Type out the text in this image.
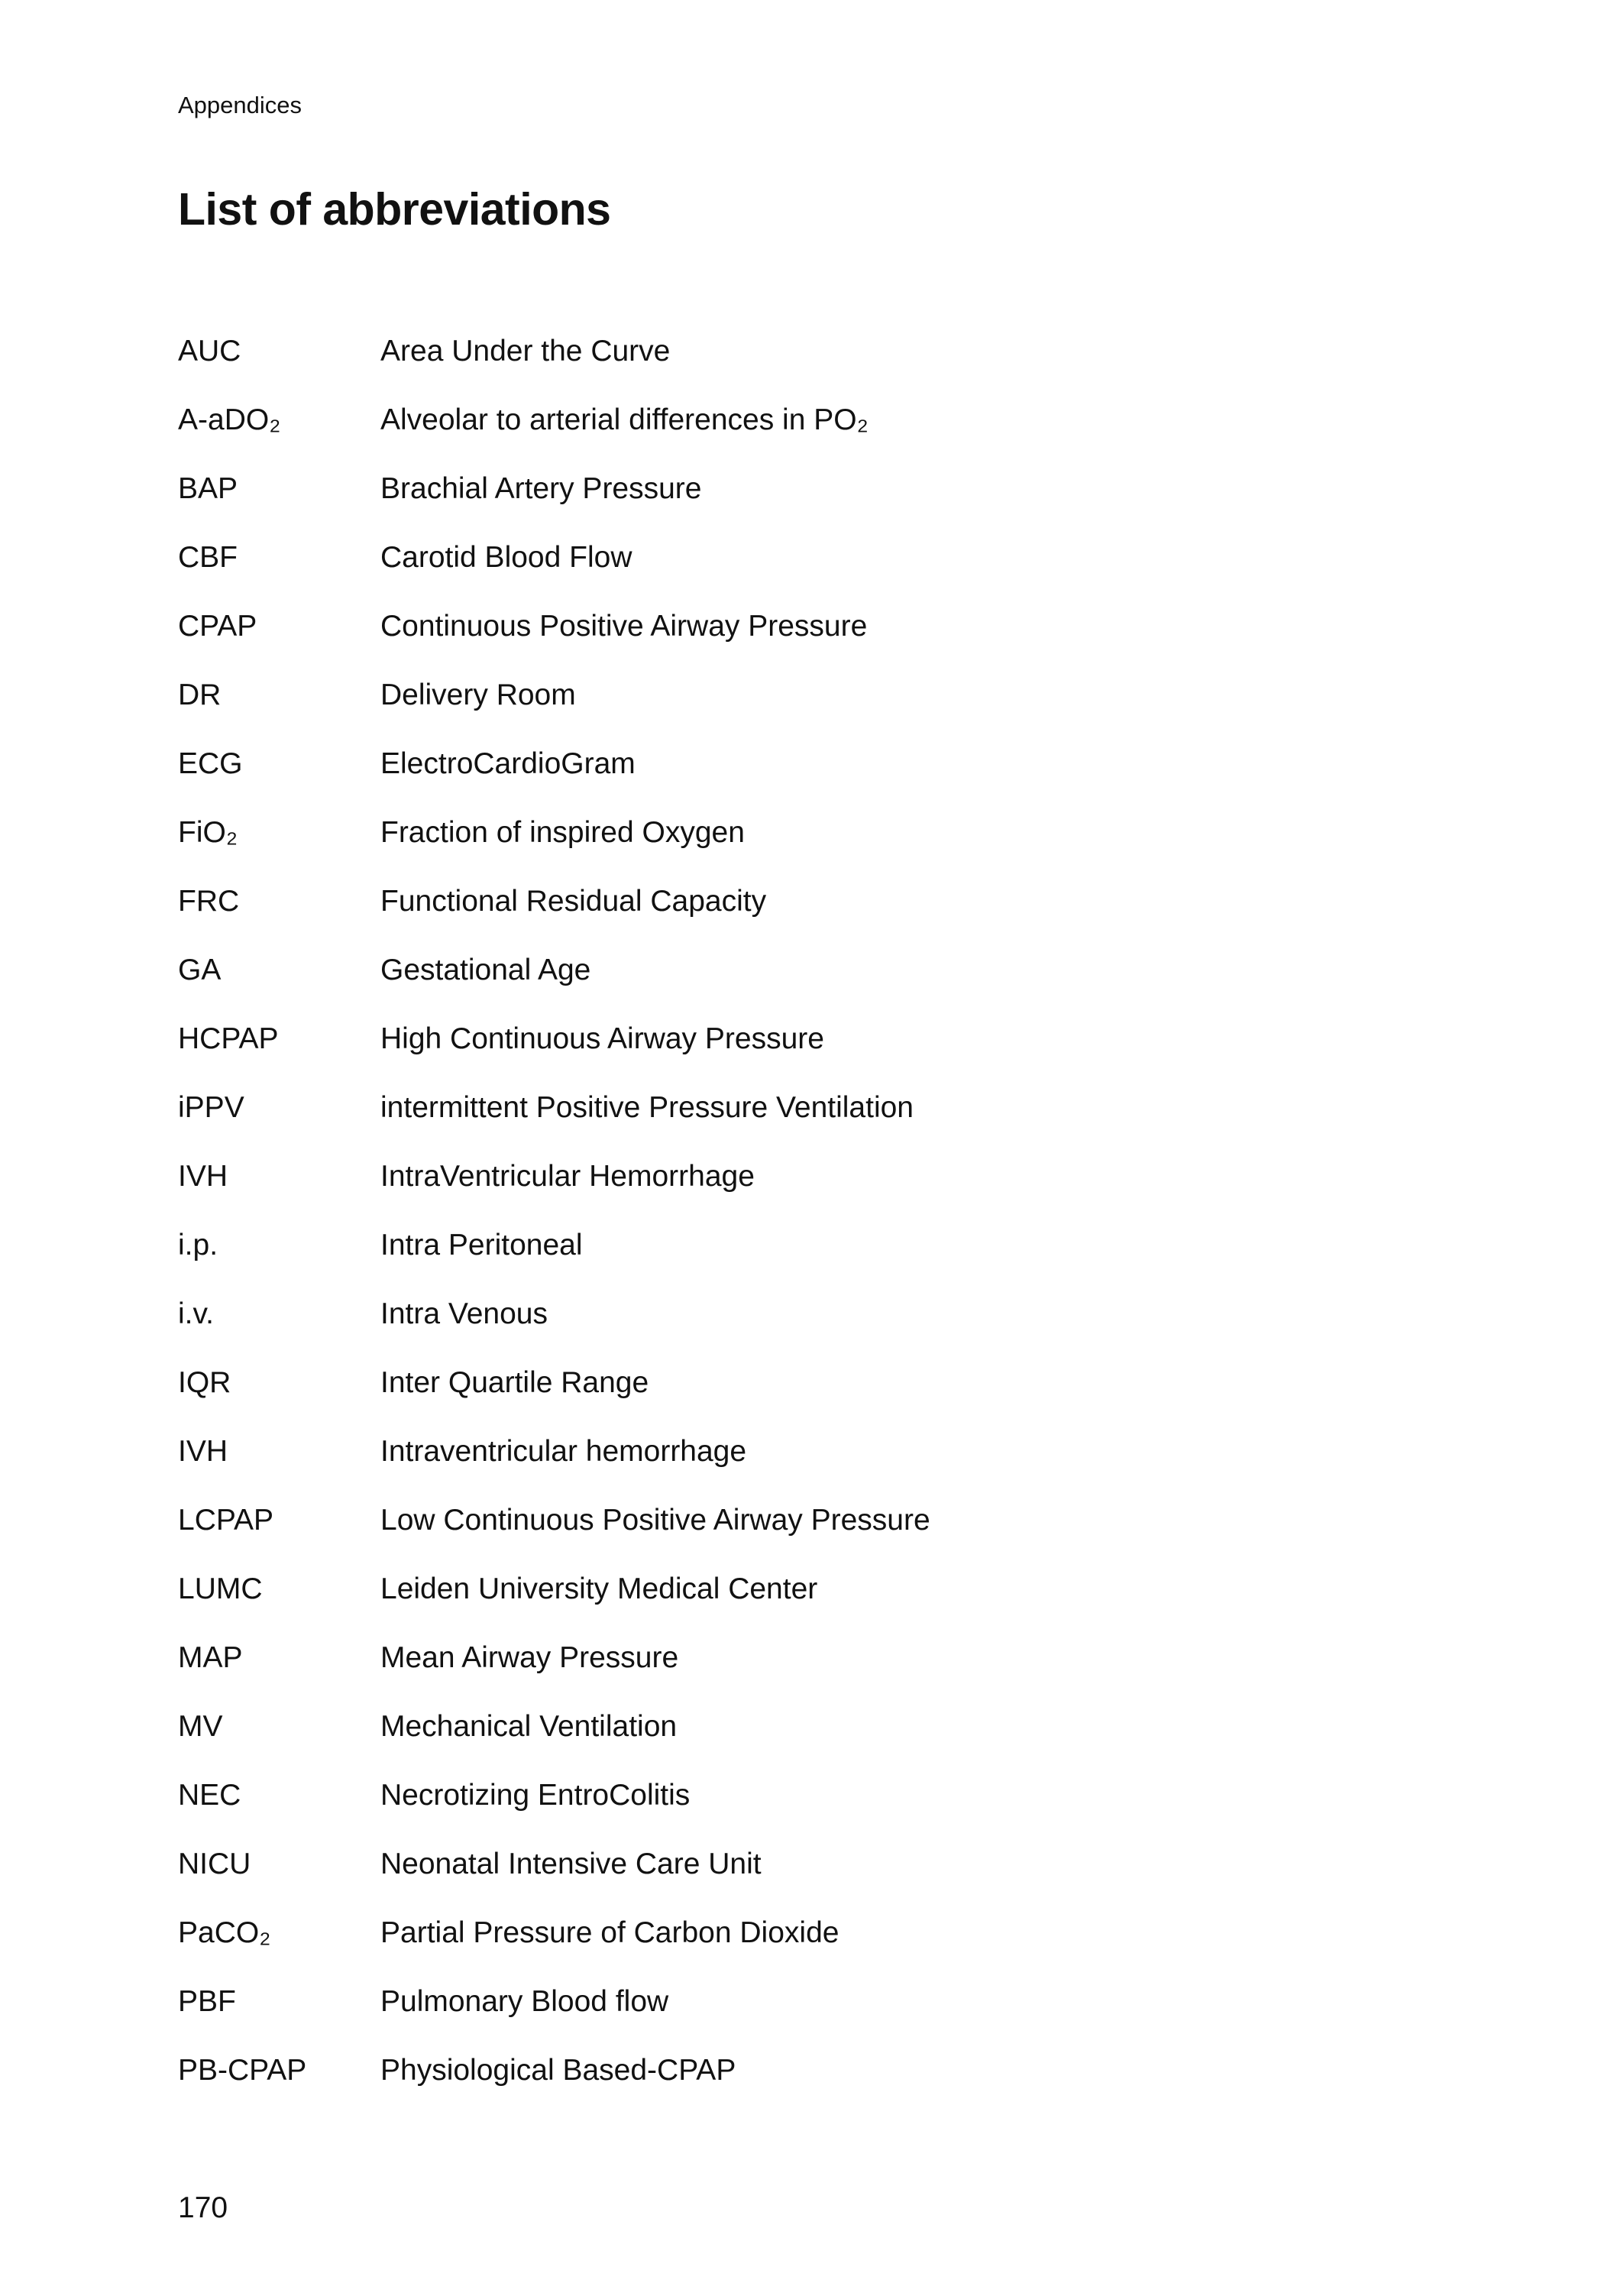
Appendices
List of abbreviations
AUC	Area Under the Curve
A-aDO₂	Alveolar to arterial differences in PO₂
BAP	Brachial Artery Pressure
CBF	Carotid Blood Flow
CPAP	Continuous Positive Airway Pressure
DR	Delivery Room
ECG	ElectroCardioGram
FiO₂	Fraction of inspired Oxygen
FRC	Functional Residual Capacity
GA	Gestational Age
HCPAP	High Continuous Airway Pressure
iPPV	intermittent Positive Pressure Ventilation
IVH	IntraVentricular Hemorrhage
i.p.	Intra Peritoneal
i.v.	Intra Venous
IQR	Inter Quartile Range
IVH	Intraventricular hemorrhage
LCPAP	Low Continuous Positive Airway Pressure
LUMC	Leiden University Medical Center
MAP	Mean Airway Pressure
MV	Mechanical Ventilation
NEC	Necrotizing EntroColitis
NICU	Neonatal Intensive Care Unit
PaCO₂	Partial Pressure of Carbon Dioxide
PBF	Pulmonary Blood flow
PB-CPAP	Physiological Based-CPAP
170
